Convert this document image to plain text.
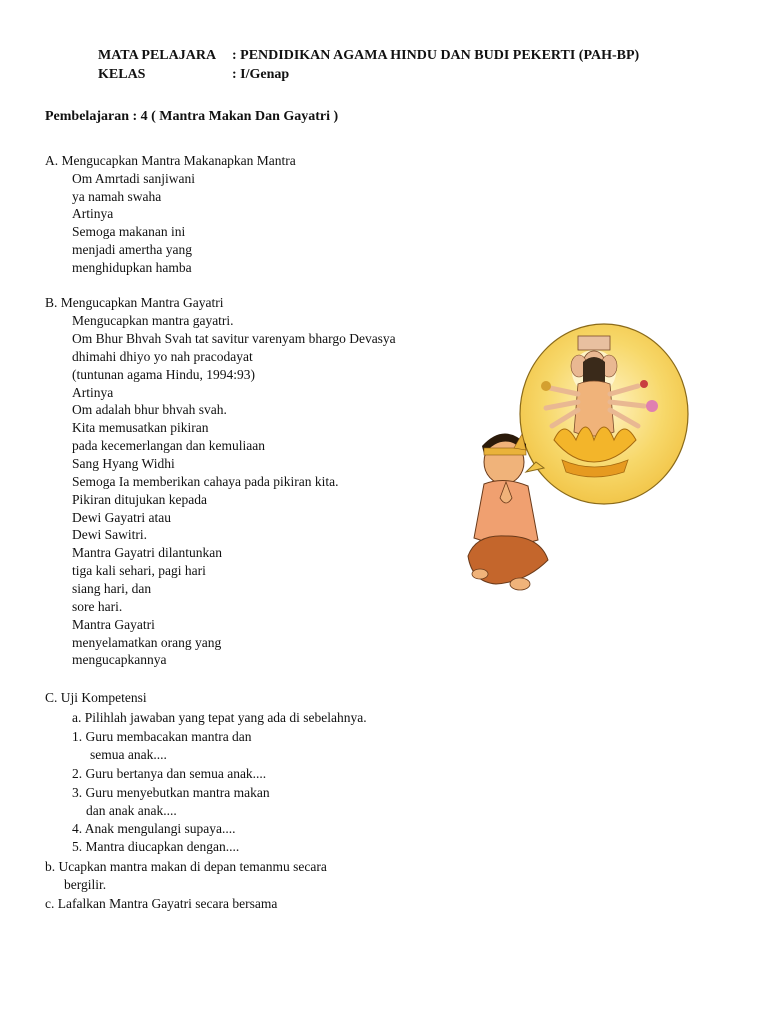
MATA PELAJARA : PENDIDIKAN AGAMA HINDU DAN BUDI PEKERTI (PAH-BP)
KELAS	: I/Genap
Pembelajaran : 4 ( Mantra Makan Dan Gayatri )
A. Mengucapkan Mantra Makanapkan Mantra
Om Amrtadi sanjiwani
ya namah swaha
Artinya
Semoga makanan ini
menjadi amertha yang
menghidupkan hamba
B. Mengucapkan Mantra Gayatri
Mengucapkan mantra gayatri.
Om Bhur Bhvah Svah tat savitur varenyam bhargo Devasya
dhimahi dhiyo yo nah pracodayat
(tuntunan agama Hindu, 1994:93)
Artinya
Om adalah bhur bhvah svah.
Kita memusatkan pikiran
pada kecemerlangan dan kemuliaan
Sang Hyang Widhi
Semoga Ia memberikan cahaya pada pikiran kita.
Pikiran ditujukan kepada
Dewi Gayatri atau
Dewi Sawitri.
Mantra Gayatri dilantunkan
tiga kali sehari, pagi hari
siang hari, dan
sore hari.
Mantra Gayatri
menyelamatkan orang yang
mengucapkannya
C. Uji Kompetensi
a. Pilihlah jawaban yang tepat yang ada di sebelahnya.
1. Guru membacakan mantra dan
semua anak....
2. Guru bertanya dan semua anak....
3. Guru menyebutkan mantra makan
dan anak anak....
4. Anak mengulangi supaya....
5. Mantra diucapkan dengan....
b. Ucapkan mantra makan di depan temanmu secara
bergilir.
c. Lafalkan Mantra Gayatri secara bersama
